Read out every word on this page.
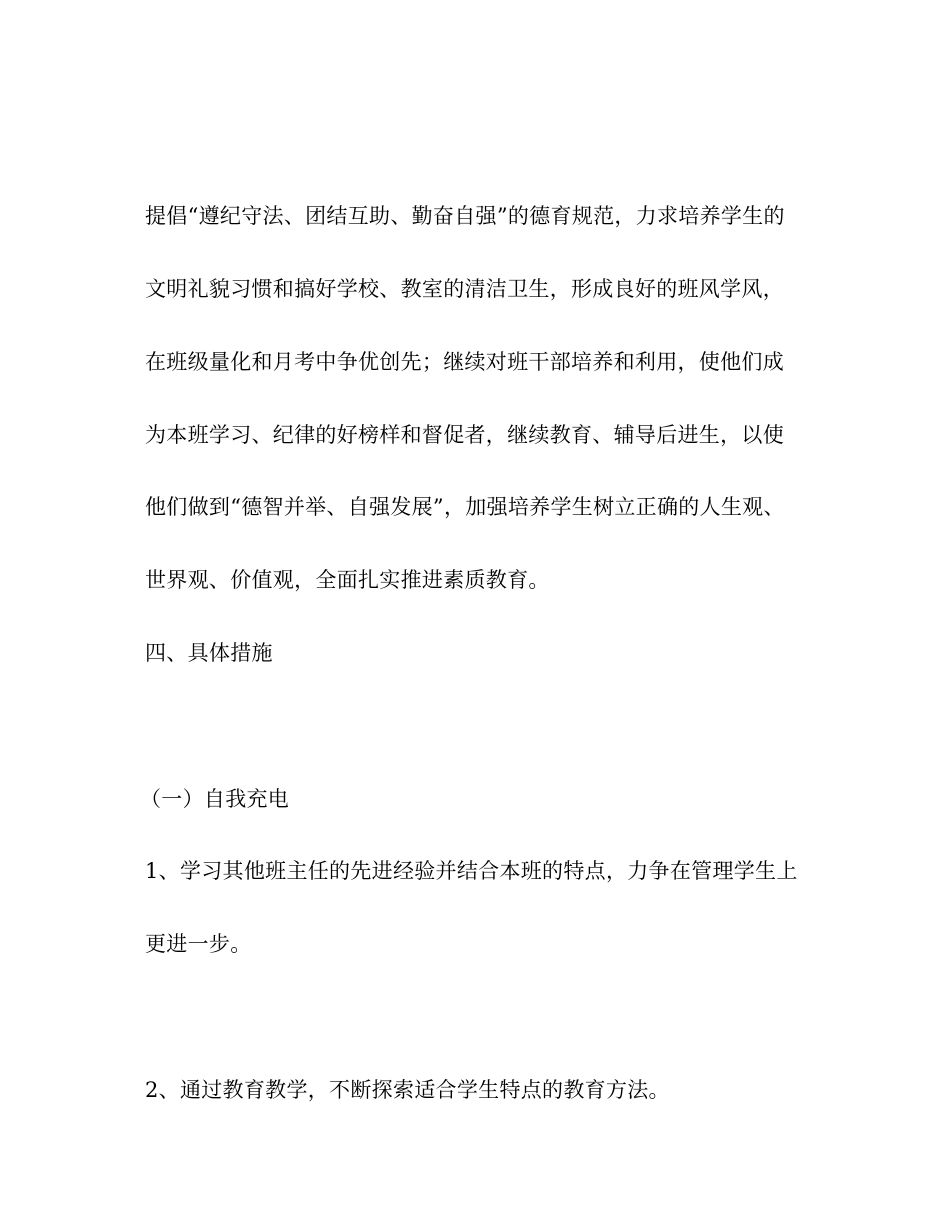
提倡“遵纪守法、团结互助、勤奋自强”的德育规范，力求培养学生的
文明礼貌习惯和搞好学校、教室的清洁卫生，形成良好的班风学风，
在班级量化和月考中争优创先；继续对班干部培养和利用，使他们成
为本班学习、纪律的好榜样和督促者，继续教育、辅导后进生，以使
他们做到“德智并举、自强发展”，加强培养学生树立正确的人生观、
世界观、价值观，全面扎实推进素质教育。
四、具体措施
（一）自我充电
1、学习其他班主任的先进经验并结合本班的特点，力争在管理学生上
更进一步。
2、通过教育教学，不断探索适合学生特点的教育方法。
